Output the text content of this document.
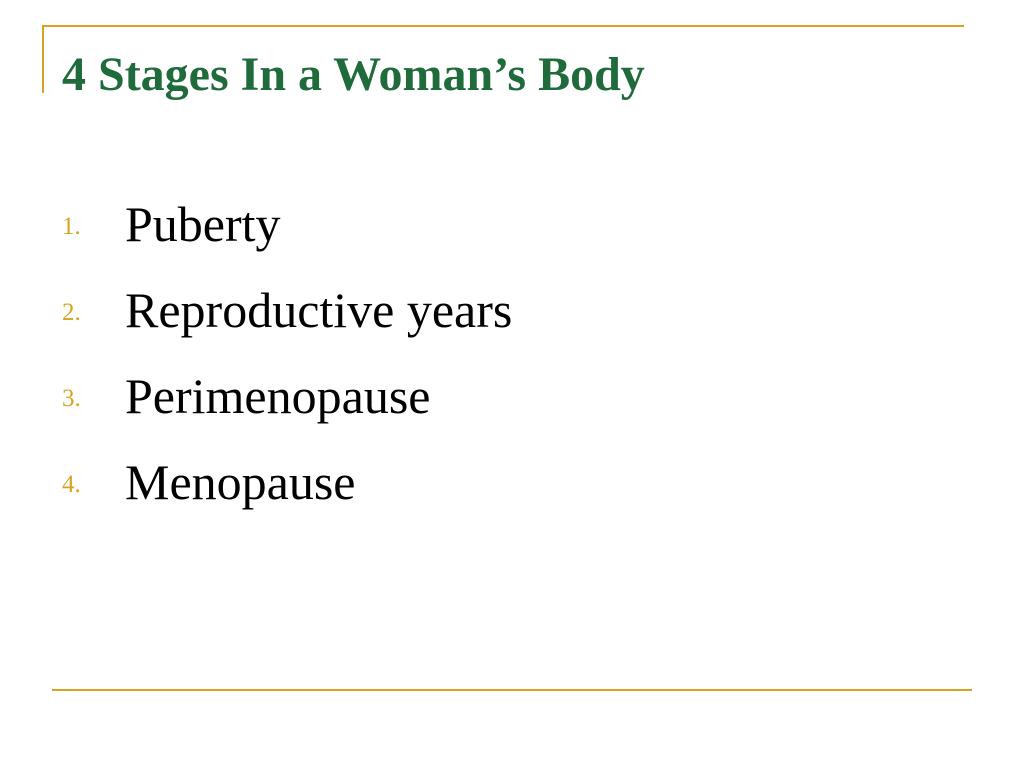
4 Stages In a Woman’s Body
1. Puberty
2. Reproductive years
3. Perimenopause
4. Menopause
